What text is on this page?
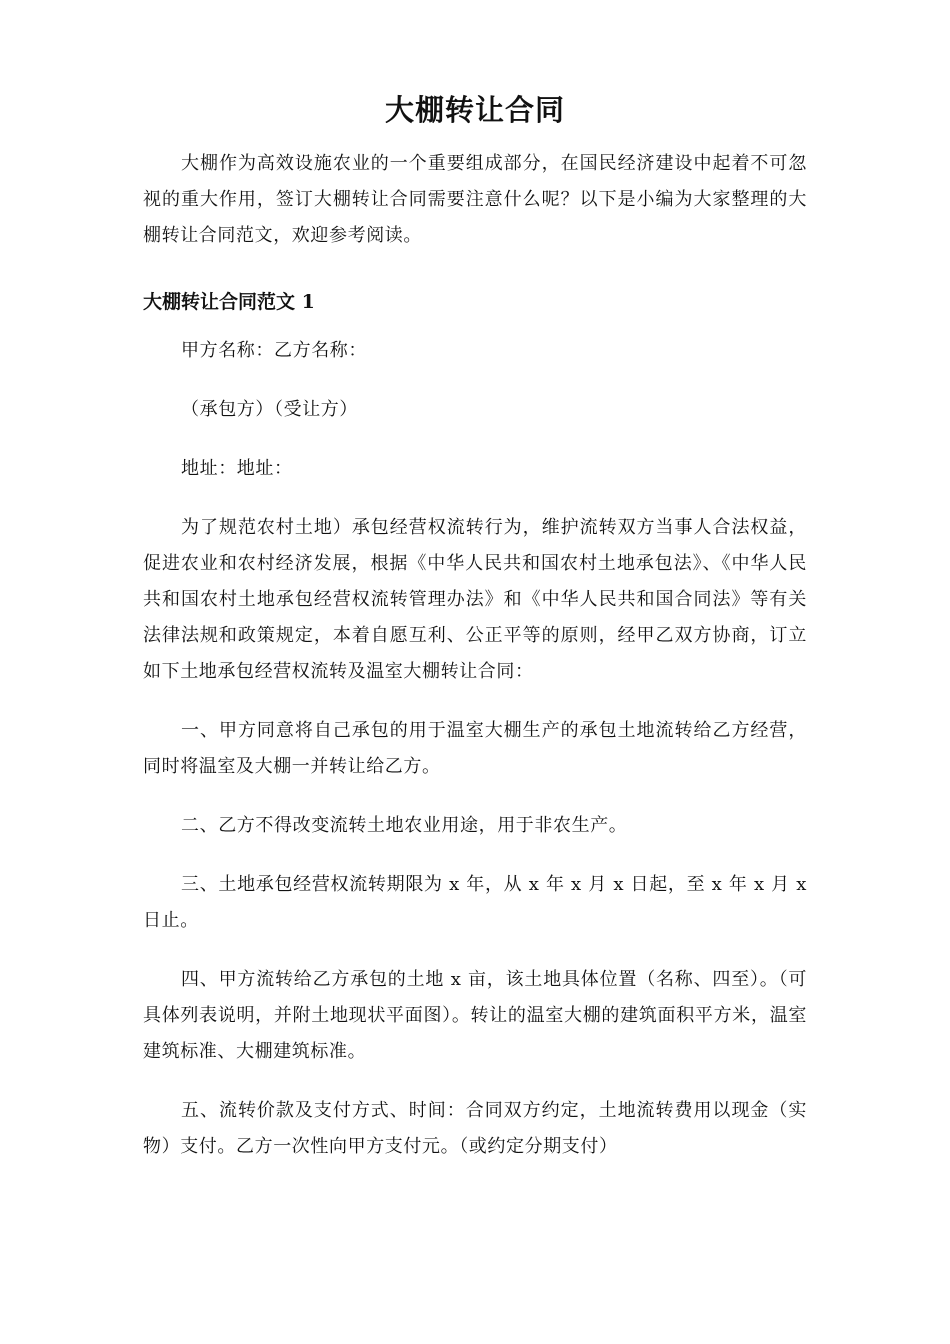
大棚转让合同

大棚作为高效设施农业的一个重要组成部分，在国民经济建设中起着不可忽视的重大作用，签订大棚转让合同需要注意什么呢？以下是小编为大家整理的大棚转让合同范文，欢迎参考阅读。

大棚转让合同范文 1

甲方名称：乙方名称：

（承包方）（受让方）

地址：地址：

为了规范农村土地）承包经营权流转行为，维护流转双方当事人合法权益，促进农业和农村经济发展，根据《中华人民共和国农村土地承包法》、《中华人民共和国农村土地承包经营权流转管理办法》和《中华人民共和国合同法》等有关法律法规和政策规定，本着自愿互利、公正平等的原则，经甲乙双方协商，订立如下土地承包经营权流转及温室大棚转让合同：

一、甲方同意将自己承包的用于温室大棚生产的承包土地流转给乙方经营，同时将温室及大棚一并转让给乙方。

二、乙方不得改变流转土地农业用途，用于非农生产。

三、土地承包经营权流转期限为 x 年，从 x 年 x 月 x 日起，至 x 年 x 月 x 日止。

四、甲方流转给乙方承包的土地 x 亩，该土地具体位置（名称、四至）。（可具体列表说明，并附土地现状平面图）。转让的温室大棚的建筑面积平方米，温室建筑标准、大棚建筑标准。

五、流转价款及支付方式、时间：合同双方约定，土地流转费用以现金（实物）支付。乙方一次性向甲方支付元。（或约定分期支付）
